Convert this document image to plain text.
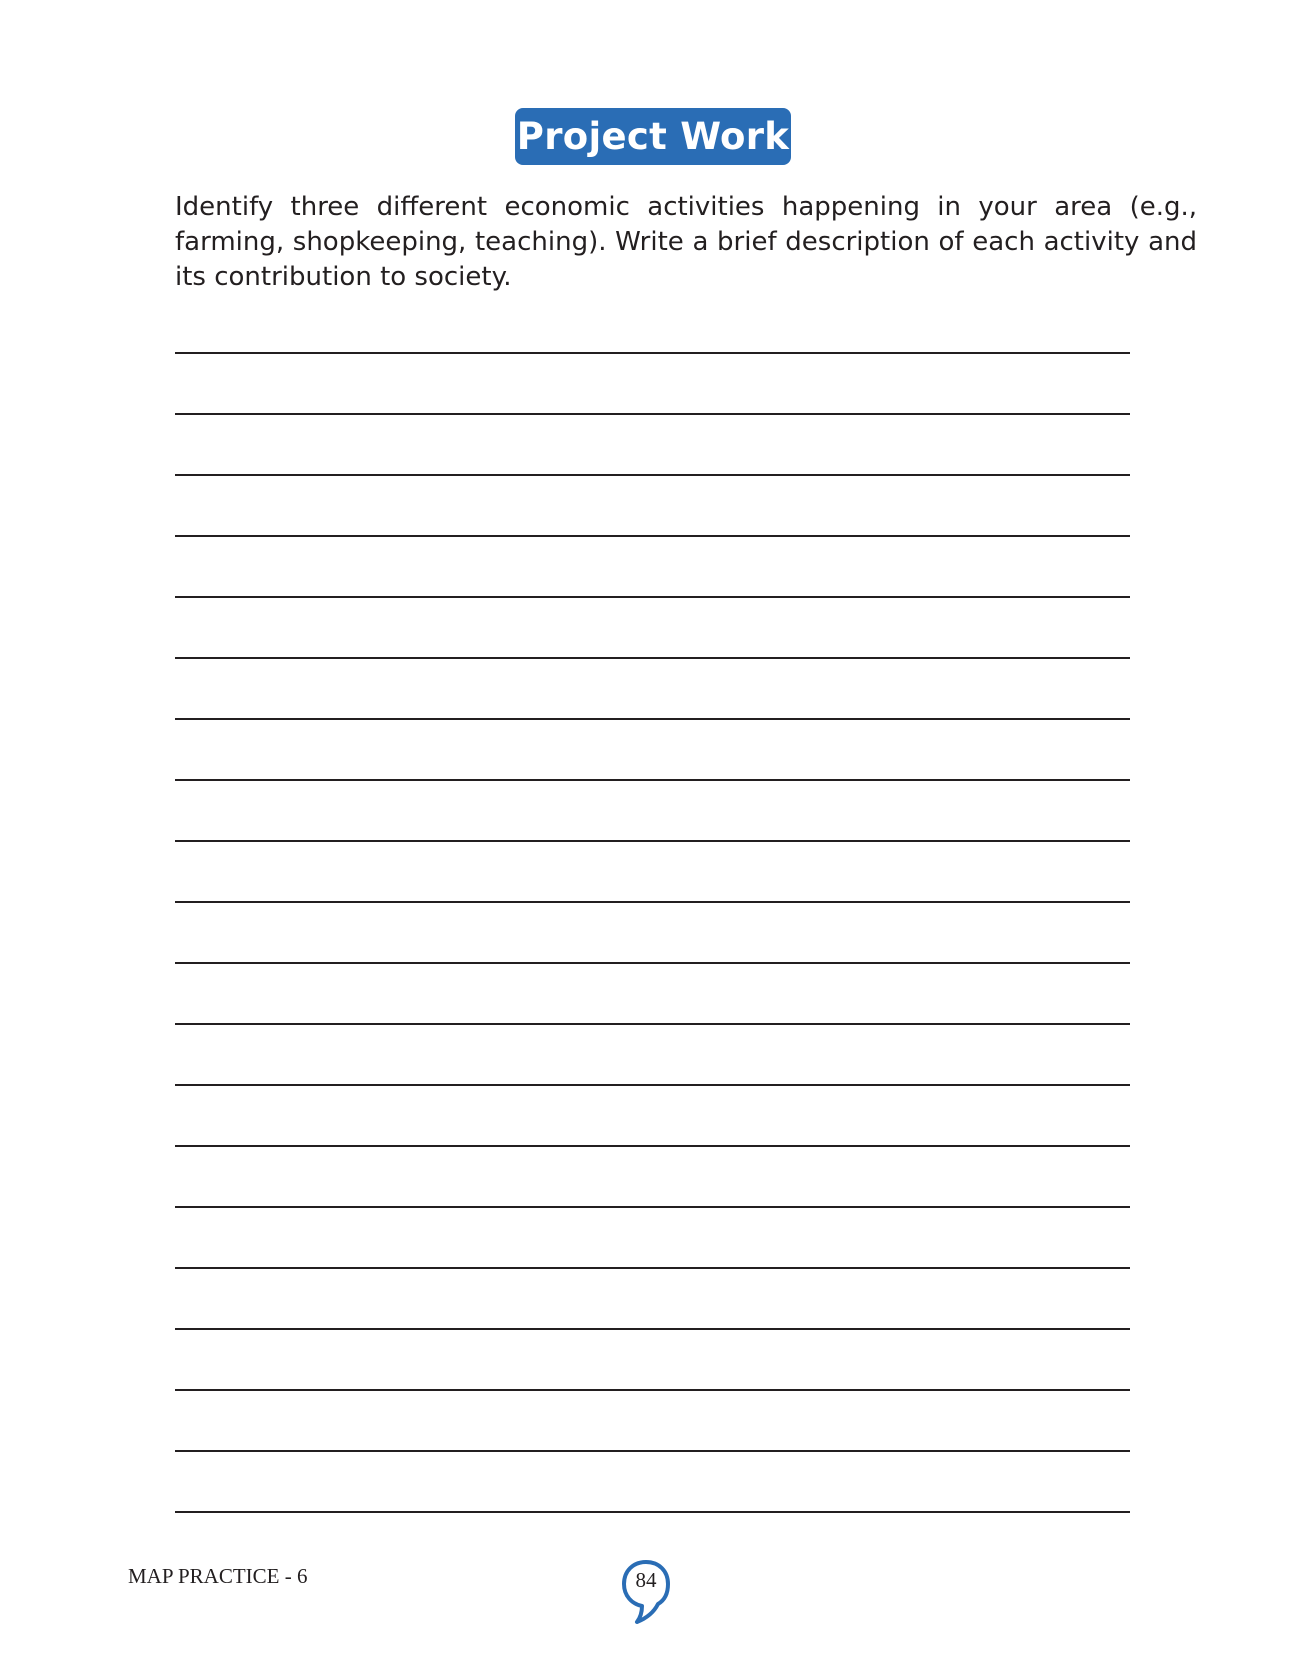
Project Work
Identify three different economic activities happening in your area (e.g., farming, shopkeeping, teaching). Write a brief description of each activity and its contribution to society.
MAP PRACTICE - 6	84
